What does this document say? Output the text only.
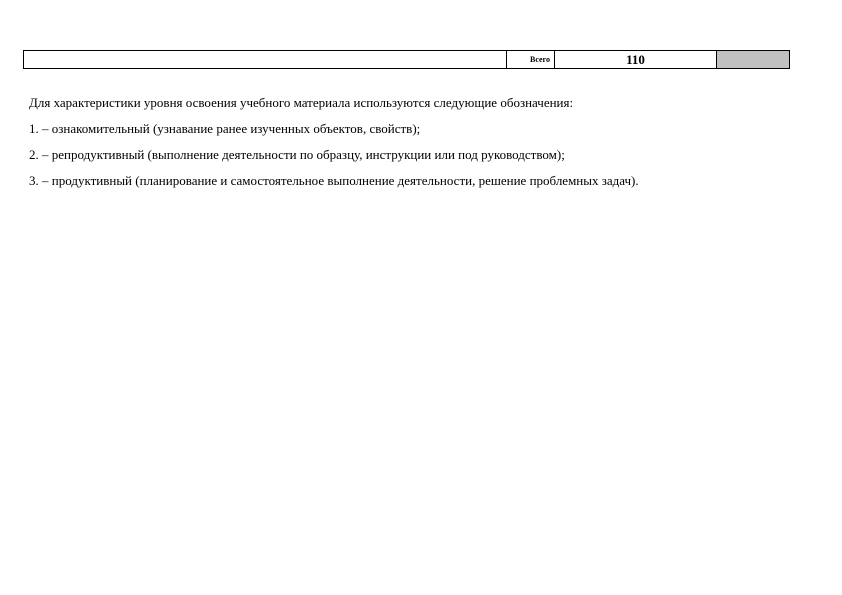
	Всего	110	

Для характеристики уровня освоения учебного материала используются следующие обозначения:

1. – ознакомительный (узнавание ранее изученных объектов, свойств);

2. – репродуктивный (выполнение деятельности по образцу, инструкции или под руководством);

3. – продуктивный (планирование и самостоятельное выполнение деятельности, решение проблемных задач).
